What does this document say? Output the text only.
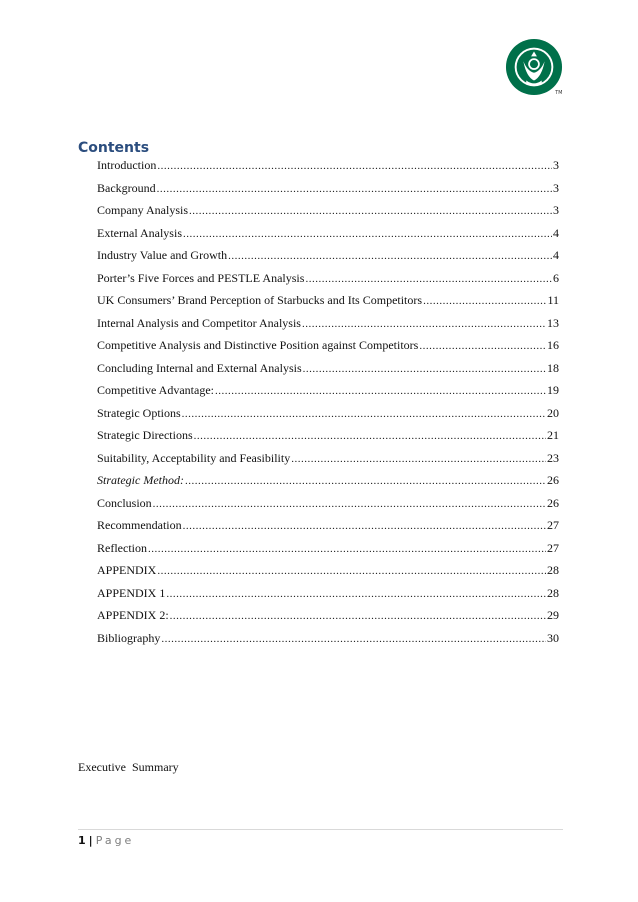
TM
Contents
Introduction .....	3
Background .....	3
Company Analysis .....	3
External Analysis .....	4
Industry Value and Growth .....	4
Porter’s Five Forces and PESTLE Analysis .....	6
UK Consumers’ Brand Perception of Starbucks and Its Competitors .....	11
Internal Analysis and Competitor Analysis .....	13
Competitive Analysis and Distinctive Position against Competitors .....	16
Concluding Internal and External Analysis .....	18
Competitive Advantage: .....	19
Strategic Options .....	20
Strategic Directions .....	21
Suitability, Acceptability and Feasibility .....	23
Strategic Method: .....	26
Conclusion .....	26
Recommendation .....	27
Reflection .....	27
APPENDIX .....	28
APPENDIX 1 .....	28
APPENDIX 2: .....	29
Bibliography .....	30

Executive Summary

1 | Page
